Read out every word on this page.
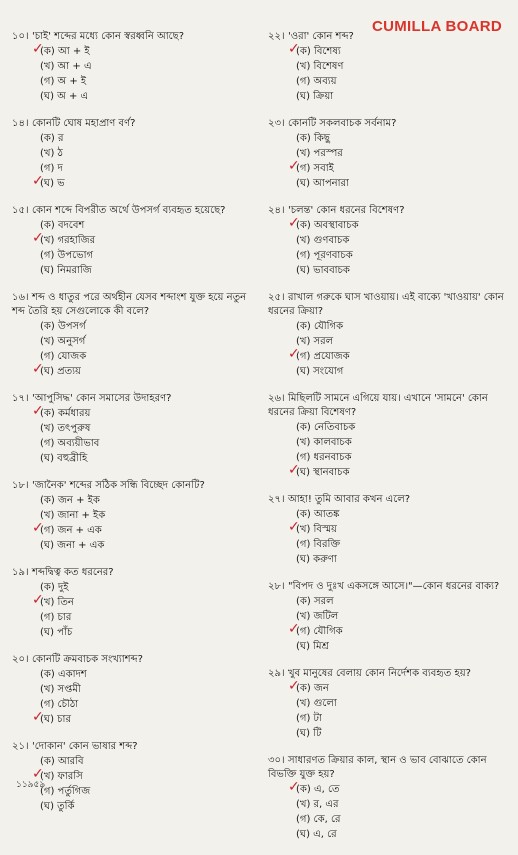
CUMILLA BOARD
১০। 'চাই' শব্দের মধ্যে কোন স্বরধ্বনি আছে?
✓ (ক) আ + ই
(খ) আ + এ
(গ) অ + ই
(ঘ) অ + এ
১৪। কোনটি ঘোষ মহাপ্রাণ বর্ণ?
(ক) র
(খ) ঠ
(গ) দ
✓ (ঘ) ভ
১৫। কোন শব্দে বিপরীত অর্থে উপসর্গ ব্যবহৃত হয়েছে?
(ক) বদবেশ
✓ (খ) গরহাজির
(গ) উপভোগ
(ঘ) নিমরাজি
১৬। শব্দ ও ধাতুর পরে অর্থহীন যেসব শব্দাংশ যুক্ত হয়ে নতুন শব্দ তৈরি হয় সেগুলোকে কী বলে?
(ক) উপসর্গ
(খ) অনুসর্গ
(গ) যোজক
✓ (ঘ) প্রত্যয়
১৭। 'আপুসিদ্ধ' কোন সমাসের উদাহরণ?
✓ (ক) কর্মধারয়
(খ) তৎপুরুষ
(গ) অব্যয়ীভাব
(ঘ) বহুব্রীহি
১৮। 'জানৈক' শব্দের সঠিক সন্ধি বিচ্ছেদ কোনটি?
(ক) জন + ইক
(খ) জানা + ইক
✓ (গ) জন + এক
(ঘ) জনা + এক
১৯। শব্দদ্বিত্ব কত ধরনের?
(ক) দুই
✓ (খ) তিন
(গ) চার
(ঘ) পাঁচ
২০। কোনটি ক্রমবাচক সংখ্যাশব্দ?
(ক) একাদশ
(খ) সপ্তমী
(গ) চৌঠা
✓ (ঘ) চার
২১। 'দোকান' কোন ভাষার শব্দ?
(ক) আরবি
✓ (খ) ফারসি
(গ) পর্তুগিজ
(ঘ) তুর্কি
২২। 'ওরা' কোন শব্দ?
✓ (ক) বিশেষ্য
(খ) বিশেষণ
(গ) অব্যয়
(ঘ) ক্রিয়া
২৩। কোনটি সকলবাচক সর্বনাম?
(ক) কিছু
(খ) পরস্পর
✓ (গ) সবাই
(ঘ) আপনারা
২৪। 'চলন্ত' কোন ধরনের বিশেষণ?
✓ (ক) অবস্থাবাচক
(খ) গুণবাচক
(গ) পূরণবাচক
(ঘ) ভাববাচক
২৫। রাখাল গরুকে ঘাস খাওয়ায়। এই বাক্যে 'খাওয়ায়' কোন ধরনের ক্রিয়া?
(ক) যৌগিক
(খ) সরল
✓ (গ) প্রযোজক
(ঘ) সংযোগ
২৬। মিছিলটি সামনে এগিয়ে যায়। এখানে 'সামনে' কোন ধরনের ক্রিয়া বিশেষণ?
(ক) নেতিবাচক
(খ) কালবাচক
(গ) ধরনবাচক
✓ (ঘ) স্থানবাচক
২৭। আহা! তুমি আবার কখন এলে?
(ক) আতঙ্ক
✓ (খ) বিস্ময়
(গ) বিরক্তি
(ঘ) করুণা
২৮। "বিপদ ও দুঃখ একসঙ্গে আসে।"—কোন ধরনের বাক্য?
(ক) সরল
(খ) জটিল
✓ (গ) যৌগিক
(ঘ) মিশ্র
২৯। খুব মানুষের বেলায় কোন নির্দেশক ব্যবহৃত হয়?
✓ (ক) জন
(খ) গুলো
(গ) টা
(ঘ) টি
৩০। সাধারণত ক্রিয়ার কাল, স্থান ও ভাব বোঝাতে কোন বিভক্তি যুক্ত হয়?
✓ (ক) এ, তে
(খ) র, এর
(গ) কে, রে
(ঘ) এ, রে
১১৯৫৯
